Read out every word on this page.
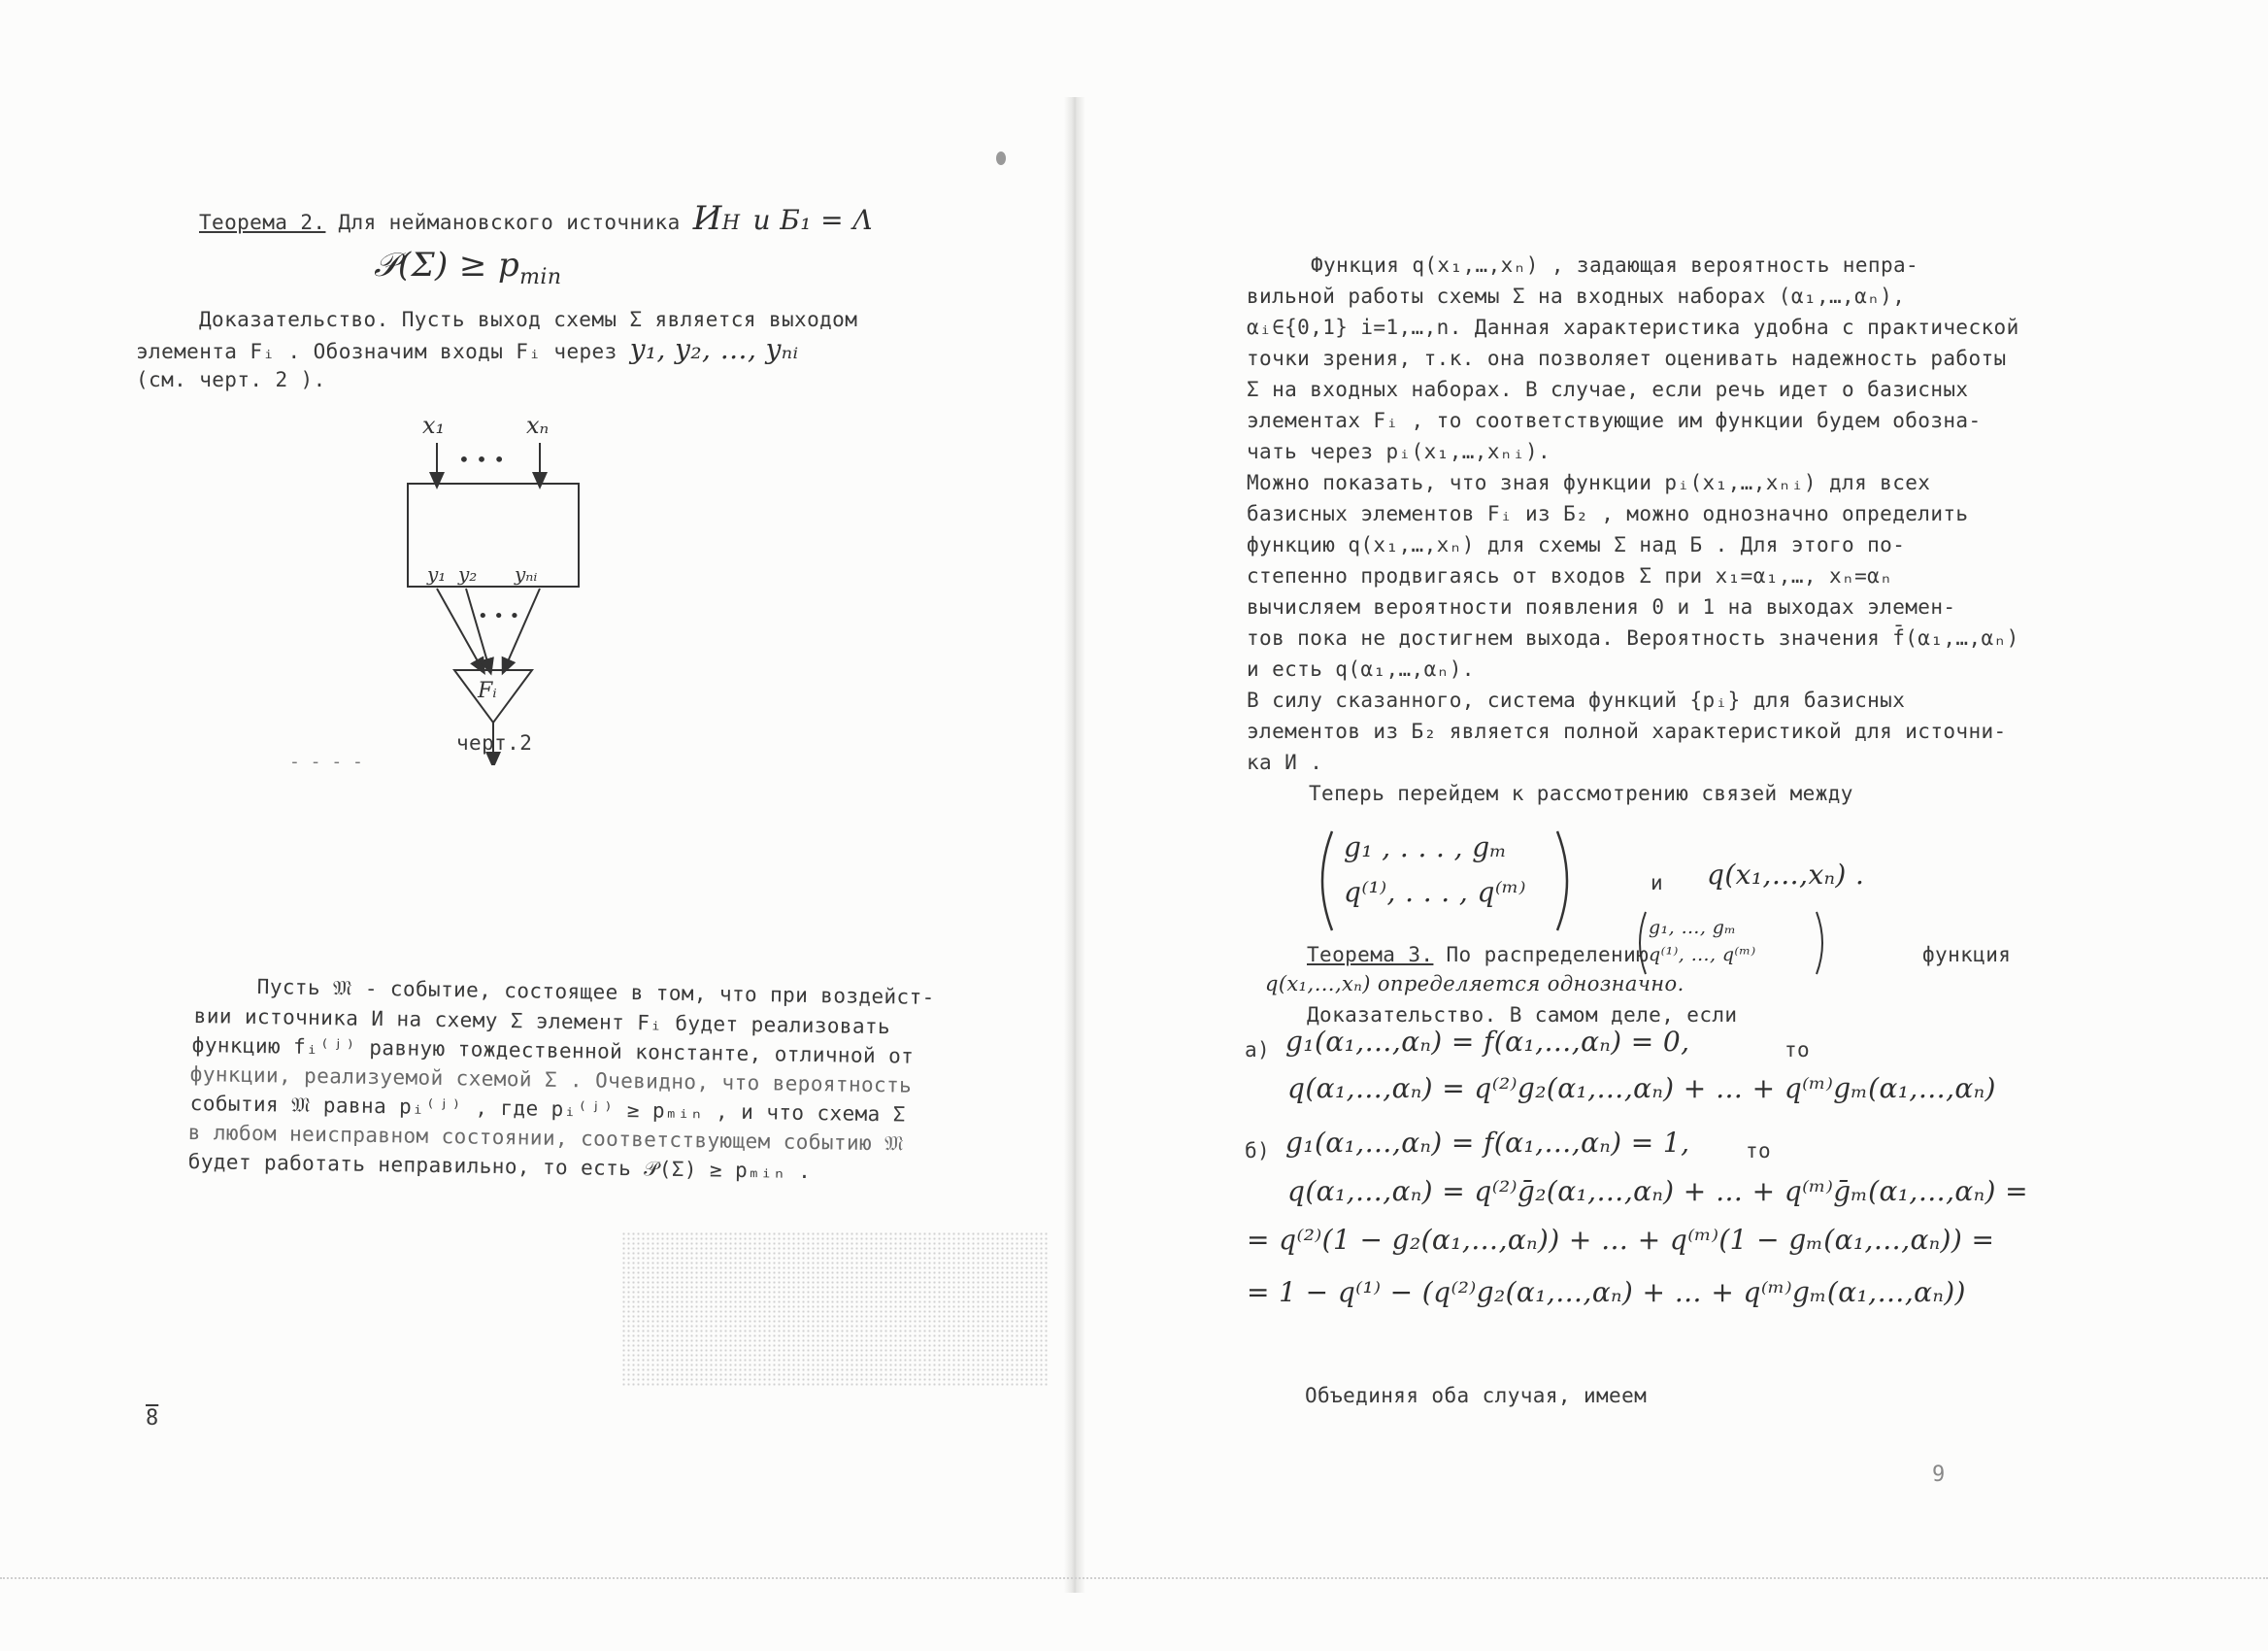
Теорема 2. Для неймановского источника ИН и Б₁ = Λ
𝒫(Σ) ≥ $p_{min}$
Доказательство. Пусть выход схемы Σ является выходом
элемента Fᵢ . Обозначим входы Fᵢ через y₁, y₂, …, yₙᵢ
(см. черт. 2 ).
x₁	xₙ
• • •
y₁ y₂ yₙᵢ
• • •
Fᵢ
черт.2
- - - -
Пусть 𝔐 - событие, состоящее в том, что при воздейст-
вии источника И на схему Σ элемент Fᵢ будет реализовать
функцию fᵢ⁽ʲ⁾ равную тождественной константе, отличной от
функции, реализуемой схемой Σ . Очевидно, что вероятность
события 𝔐 равна pᵢ⁽ʲ⁾ , где pᵢ⁽ʲ⁾ ≥ pₘᵢₙ , и что схема Σ
в любом неисправном состоянии, соответствующем событию 𝔐
будет работать неправильно, то есть 𝒫(Σ) ≥ pₘᵢₙ .
8
Функция q(x₁,…,xₙ) , задающая вероятность непра-
вильной работы схемы Σ на входных наборах (α₁,…,αₙ),
αᵢ∈{0,1} i=1,…,n. Данная характеристика удобна с практической
точки зрения, т.к. она позволяет оценивать надежность работы
Σ на входных наборах. В случае, если речь идет о базисных
элементах Fᵢ , то соответствующие им функции будем обозна-
чать через pᵢ(x₁,…,xₙᵢ).
Можно показать, что зная функции pᵢ(x₁,…,xₙᵢ) для всех
базисных элементов Fᵢ из Б₂ , можно однозначно определить
функцию q(x₁,…,xₙ) для схемы Σ над Б . Для этого по-
степенно продвигаясь от входов Σ при x₁=α₁,…, xₙ=αₙ
вычисляем вероятности появления 0 и 1 на выходах элемен-
тов пока не достигнем выхода. Вероятность значения f̄(α₁,…,αₙ)
и есть q(α₁,…,αₙ).
В силу сказанного, система функций {pᵢ} для базисных
элементов из Б₂ является полной характеристикой для источни-
ка И .
Теперь перейдем к рассмотрению связей между
g₁ , . . . , gₘ
q⁽¹⁾, . . . , q⁽ᵐ⁾	и q(x₁,…,xₙ) .
Теорема 3. По распределению
g₁, …, gₘ
q⁽¹⁾, …, q⁽ᵐ⁾	функция
q(x₁,…,xₙ) определяется однозначно.
Доказательство. В самом деле, если
а) g₁(α₁,…,αₙ) = f(α₁,…,αₙ) = 0,	то
q(α₁,…,αₙ) = q⁽²⁾g₂(α₁,…,αₙ) + … + q⁽ᵐ⁾gₘ(α₁,…,αₙ)
б) g₁(α₁,…,αₙ) = f(α₁,…,αₙ) = 1,	то
q(α₁,…,αₙ) = q⁽²⁾ḡ₂(α₁,…,αₙ) + … + q⁽ᵐ⁾ḡₘ(α₁,…,αₙ) =
= q⁽²⁾(1 − g₂(α₁,…,αₙ)) + … + q⁽ᵐ⁾(1 − gₘ(α₁,…,αₙ)) =
= 1 − q⁽¹⁾ − (q⁽²⁾g₂(α₁,…,αₙ) + … + q⁽ᵐ⁾gₘ(α₁,…,αₙ))
Объединяя оба случая, имеем
9
